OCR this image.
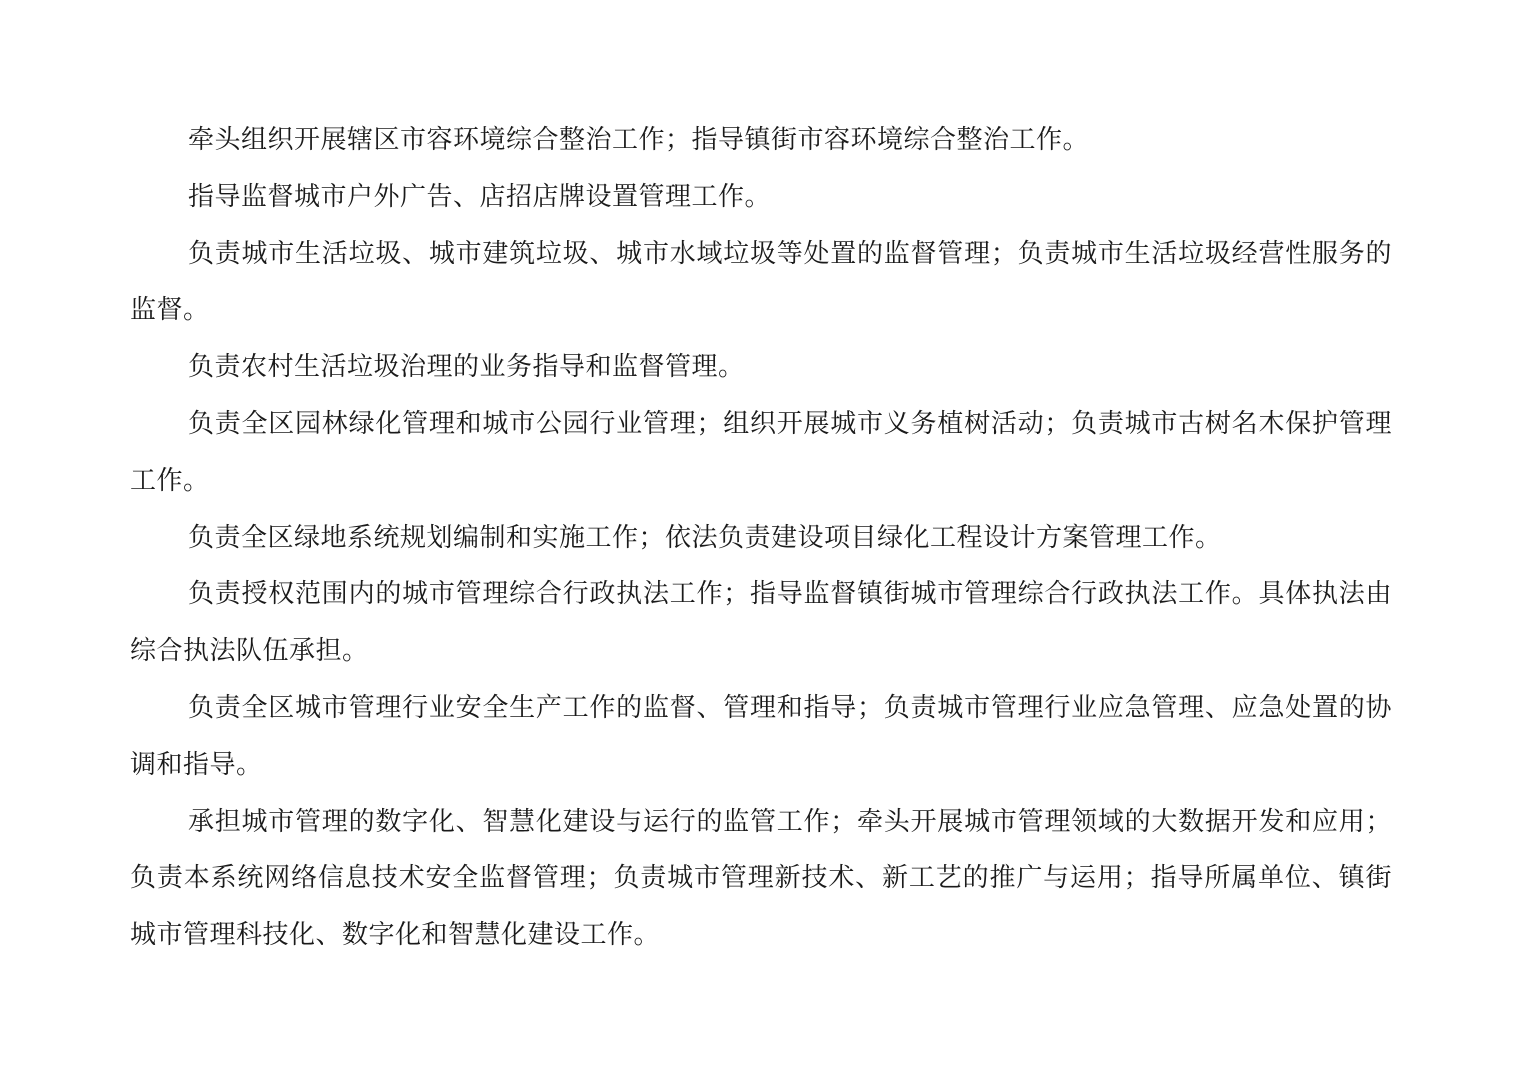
牵头组织开展辖区市容环境综合整治工作；指导镇街市容环境综合整治工作。

指导监督城市户外广告、店招店牌设置管理工作。

负责城市生活垃圾、城市建筑垃圾、城市水域垃圾等处置的监督管理；负责城市生活垃圾经营性服务的监督。

负责农村生活垃圾治理的业务指导和监督管理。

负责全区园林绿化管理和城市公园行业管理；组织开展城市义务植树活动；负责城市古树名木保护管理工作。

负责全区绿地系统规划编制和实施工作；依法负责建设项目绿化工程设计方案管理工作。

负责授权范围内的城市管理综合行政执法工作；指导监督镇街城市管理综合行政执法工作。具体执法由综合执法队伍承担。

负责全区城市管理行业安全生产工作的监督、管理和指导；负责城市管理行业应急管理、应急处置的协调和指导。

承担城市管理的数字化、智慧化建设与运行的监管工作；牵头开展城市管理领域的大数据开发和应用；负责本系统网络信息技术安全监督管理；负责城市管理新技术、新工艺的推广与运用；指导所属单位、镇街城市管理科技化、数字化和智慧化建设工作。
